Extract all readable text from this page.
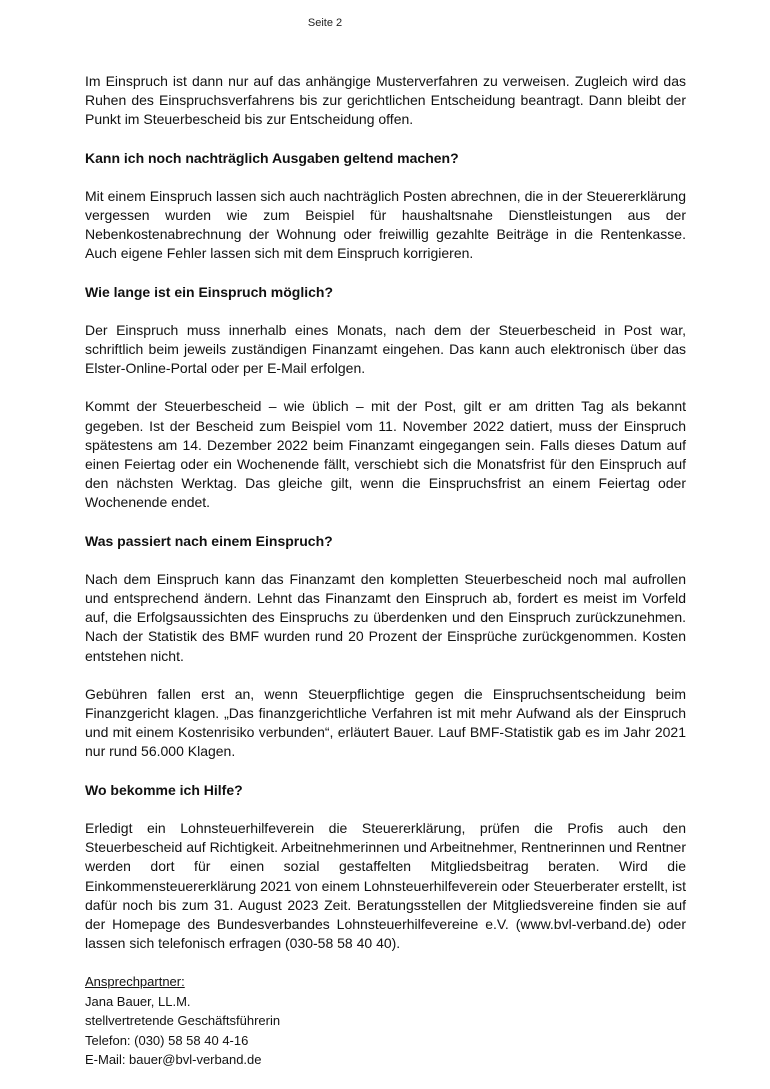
Seite 2

Im Einspruch ist dann nur auf das anhängige Musterverfahren zu verweisen. Zugleich wird das Ruhen des Einspruchsverfahrens bis zur gerichtlichen Entscheidung beantragt. Dann bleibt der Punkt im Steuerbescheid bis zur Entscheidung offen.

Kann ich noch nachträglich Ausgaben geltend machen?

Mit einem Einspruch lassen sich auch nachträglich Posten abrechnen, die in der Steuererklärung vergessen wurden wie zum Beispiel für haushaltsnahe Dienstleistungen aus der Nebenkostenabrechnung der Wohnung oder freiwillig gezahlte Beiträge in die Rentenkasse. Auch eigene Fehler lassen sich mit dem Einspruch korrigieren.

Wie lange ist ein Einspruch möglich?

Der Einspruch muss innerhalb eines Monats, nach dem der Steuerbescheid in Post war, schriftlich beim jeweils zuständigen Finanzamt eingehen. Das kann auch elektronisch über das Elster-Online-Portal oder per E-Mail erfolgen.

Kommt der Steuerbescheid – wie üblich – mit der Post, gilt er am dritten Tag als bekannt gegeben. Ist der Bescheid zum Beispiel vom 11. November 2022 datiert, muss der Einspruch spätestens am 14. Dezember 2022 beim Finanzamt eingegangen sein. Falls dieses Datum auf einen Feiertag oder ein Wochenende fällt, verschiebt sich die Monatsfrist für den Einspruch auf den nächsten Werktag. Das gleiche gilt, wenn die Einspruchsfrist an einem Feiertag oder Wochenende endet.

Was passiert nach einem Einspruch?

Nach dem Einspruch kann das Finanzamt den kompletten Steuerbescheid noch mal aufrollen und entsprechend ändern. Lehnt das Finanzamt den Einspruch ab, fordert es meist im Vorfeld auf, die Erfolgsaussichten des Einspruchs zu überdenken und den Einspruch zurückzunehmen. Nach der Statistik des BMF wurden rund 20 Prozent der Einsprüche zurückgenommen. Kosten entstehen nicht.

Gebühren fallen erst an, wenn Steuerpflichtige gegen die Einspruchsentscheidung beim Finanzgericht klagen. „Das finanzgerichtliche Verfahren ist mit mehr Aufwand als der Einspruch und mit einem Kostenrisiko verbunden“, erläutert Bauer. Lauf BMF-Statistik gab es im Jahr 2021 nur rund 56.000 Klagen.

Wo bekomme ich Hilfe?

Erledigt ein Lohnsteuerhilfeverein die Steuererklärung, prüfen die Profis auch den Steuerbescheid auf Richtigkeit. Arbeitnehmerinnen und Arbeitnehmer, Rentnerinnen und Rentner werden dort für einen sozial gestaffelten Mitgliedsbeitrag beraten. Wird die Einkommensteuererklärung 2021 von einem Lohnsteuerhilfeverein oder Steuerberater erstellt, ist dafür noch bis zum 31. August 2023 Zeit. Beratungsstellen der Mitgliedsvereine finden sie auf der Homepage des Bundesverbandes Lohnsteuerhilfevereine e.V. (www.bvl-verband.de) oder lassen sich telefonisch erfragen (030-58 58 40 40).

Ansprechpartner:
Jana Bauer, LL.M.
stellvertretende Geschäftsführerin
Telefon: (030) 58 58 40 4-16
E-Mail: bauer@bvl-verband.de
